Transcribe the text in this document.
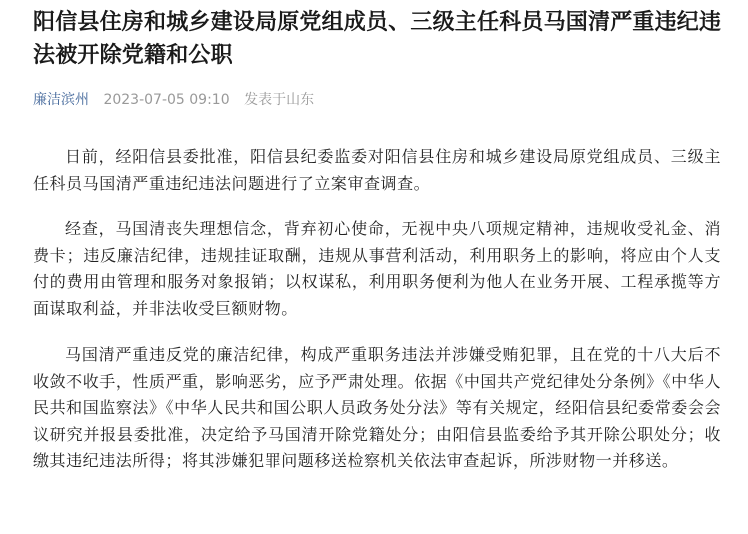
阳信县住房和城乡建设局原党组成员、三级主任科员马国清严重违纪违法被开除党籍和公职
廉洁滨州 2023-07-05 09:10 发表于山东

日前，经阳信县委批准，阳信县纪委监委对阳信县住房和城乡建设局原党组成员、三级主任科员马国清严重违纪违法问题进行了立案审查调查。

经查，马国清丧失理想信念，背弃初心使命，无视中央八项规定精神，违规收受礼金、消费卡；违反廉洁纪律，违规挂证取酬，违规从事营利活动，利用职务上的影响，将应由个人支付的费用由管理和服务对象报销；以权谋私，利用职务便利为他人在业务开展、工程承揽等方面谋取利益，并非法收受巨额财物。

马国清严重违反党的廉洁纪律，构成严重职务违法并涉嫌受贿犯罪，且在党的十八大后不收敛不收手，性质严重，影响恶劣，应予严肃处理。依据《中国共产党纪律处分条例》《中华人民共和国监察法》《中华人民共和国公职人员政务处分法》等有关规定，经阳信县纪委常委会会议研究并报县委批准，决定给予马国清开除党籍处分；由阳信县监委给予其开除公职处分；收缴其违纪违法所得；将其涉嫌犯罪问题移送检察机关依法审查起诉，所涉财物一并移送。
